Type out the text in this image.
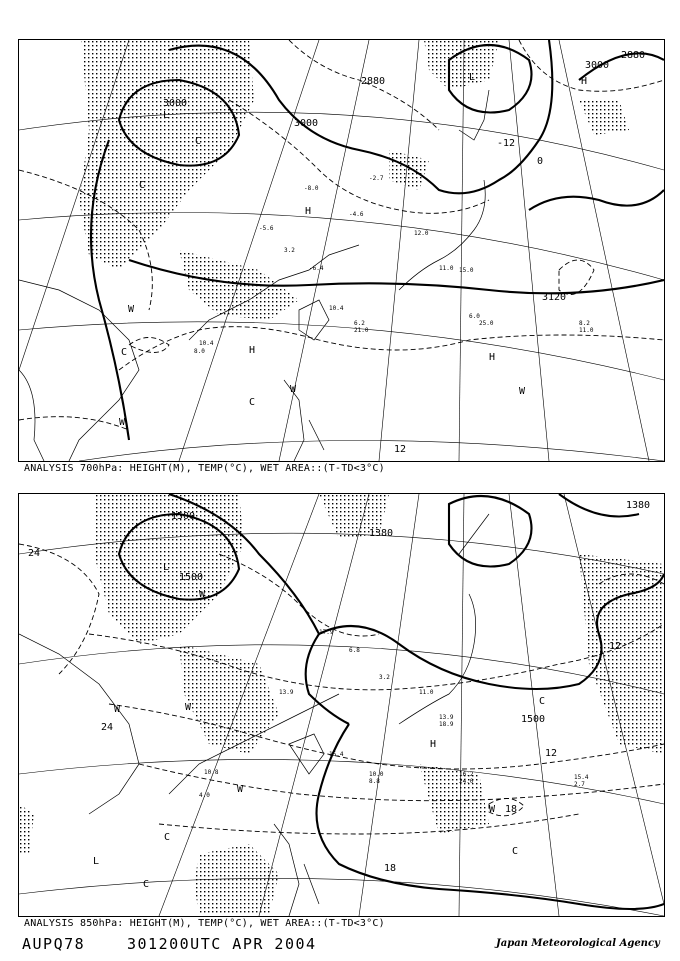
-5.6
3.2
-6.4
10.4
6.2
21.0
12.0
11.0 15.0
6.0
25.0	8.2
11.0
10.4
8.0
-2.7
-8.0
-4.6
3000
2880
3000
3120
2880
3000
12
-12
0
L
L
H
H
H
H
C
C
W
W
C
W
C
W
ANALYSIS 700hPa: HEIGHT(M), TEMP(°C), WET AREA::(T-TD<3°C)
17.9
6.8
3.2
11.0
13.9
18.9
10.0
8.8
16.2
24.0
15.4
2.7
10.8
4.0
13.9
15.4
1500
1380
1500
1500
1380
24
24
12
12
18
18
L
H
L
W
W	W
W
C
C
C
C
W
ANALYSIS 850hPa: HEIGHT(M), TEMP(°C), WET AREA::(T-TD<3°C)
AUPQ78	301200UTC APR 2004	Japan Meteorological Agency
